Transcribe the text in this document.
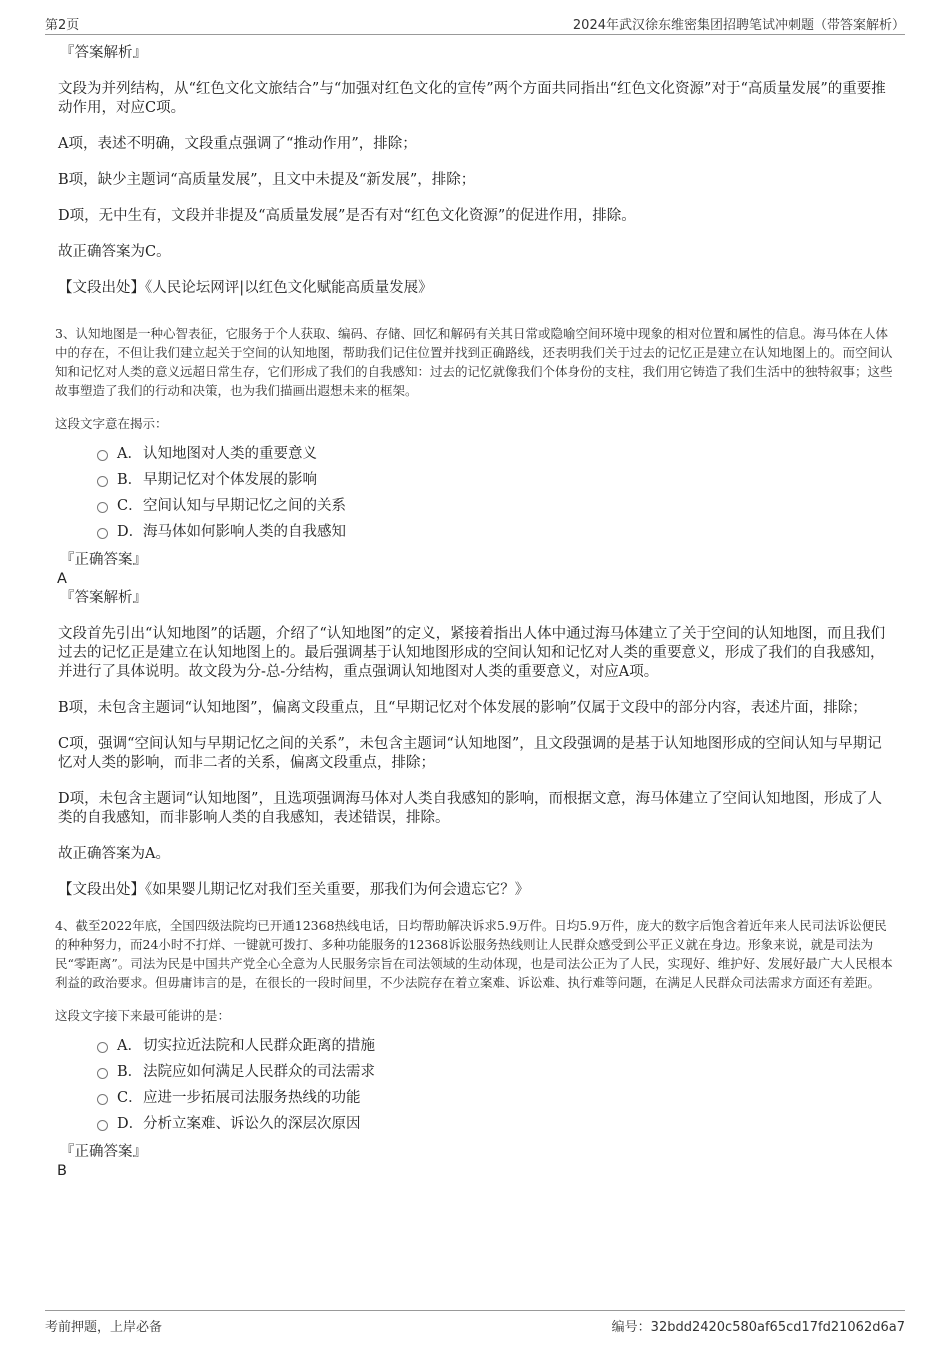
第2页	2024年武汉徐东维密集团招聘笔试冲刺题（带答案解析）
『答案解析』
文段为并列结构，从“红色文化文旅结合”与“加强对红色文化的宣传”两个方面共同指出“红色文化资源”对于“高质量发展”的重要推动作用，对应C项。
A项，表述不明确，文段重点强调了“推动作用”，排除；
B项，缺少主题词“高质量发展”，且文中未提及“新发展”，排除；
D项，无中生有，文段并非提及“高质量发展”是否有对“红色文化资源”的促进作用，排除。
故正确答案为C。
【文段出处】《人民论坛网评|以红色文化赋能高质量发展》
3、认知地图是一种心智表征，它服务于个人获取、编码、存储、回忆和解码有关其日常或隐喻空间环境中现象的相对位置和属性的信息。海马体在人体中的存在，不但让我们建立起关于空间的认知地图，帮助我们记住位置并找到正确路线，还表明我们关于过去的记忆正是建立在认知地图上的。而空间认知和记忆对人类的意义远超日常生存，它们形成了我们的自我感知：过去的记忆就像我们个体身份的支柱，我们用它铸造了我们生活中的独特叙事；这些故事塑造了我们的行动和决策，也为我们描画出遐想未来的框架。
这段文字意在揭示：
A．认知地图对人类的重要意义
B．早期记忆对个体发展的影响
C．空间认知与早期记忆之间的关系
D．海马体如何影响人类的自我感知
『正确答案』
A
『答案解析』
文段首先引出“认知地图”的话题，介绍了“认知地图”的定义，紧接着指出人体中通过海马体建立了关于空间的认知地图，而且我们过去的记忆正是建立在认知地图上的。最后强调基于认知地图形成的空间认知和记忆对人类的重要意义，形成了我们的自我感知，并进行了具体说明。故文段为分-总-分结构，重点强调认知地图对人类的重要意义，对应A项。
B项，未包含主题词“认知地图”，偏离文段重点，且“早期记忆对个体发展的影响”仅属于文段中的部分内容，表述片面，排除；
C项，强调“空间认知与早期记忆之间的关系”，未包含主题词“认知地图”，且文段强调的是基于认知地图形成的空间认知与早期记忆对人类的影响，而非二者的关系，偏离文段重点，排除；
D项，未包含主题词“认知地图”，且选项强调海马体对人类自我感知的影响，而根据文意，海马体建立了空间认知地图，形成了人类的自我感知，而非影响人类的自我感知，表述错误，排除。
故正确答案为A。
【文段出处】《如果婴儿期记忆对我们至关重要，那我们为何会遗忘它？》
4、截至2022年底，全国四级法院均已开通12368热线电话，日均帮助解决诉求5.9万件。日均5.9万件，庞大的数字后饱含着近年来人民司法诉讼便民的种种努力，而24小时不打烊、一键就可拨打、多种功能服务的12368诉讼服务热线则让人民群众感受到公平正义就在身边。形象来说，就是司法为民“零距离”。司法为民是中国共产党全心全意为人民服务宗旨在司法领域的生动体现，也是司法公正为了人民，实现好、维护好、发展好最广大人民根本利益的政治要求。但毋庸讳言的是，在很长的一段时间里，不少法院存在着立案难、诉讼难、执行难等问题，在满足人民群众司法需求方面还有差距。
这段文字接下来最可能讲的是：
A．切实拉近法院和人民群众距离的措施
B．法院应如何满足人民群众的司法需求
C．应进一步拓展司法服务热线的功能
D．分析立案难、诉讼久的深层次原因
『正确答案』
B
考前押题，上岸必备	编号：32bdd2420c580af65cd17fd21062d6a7
